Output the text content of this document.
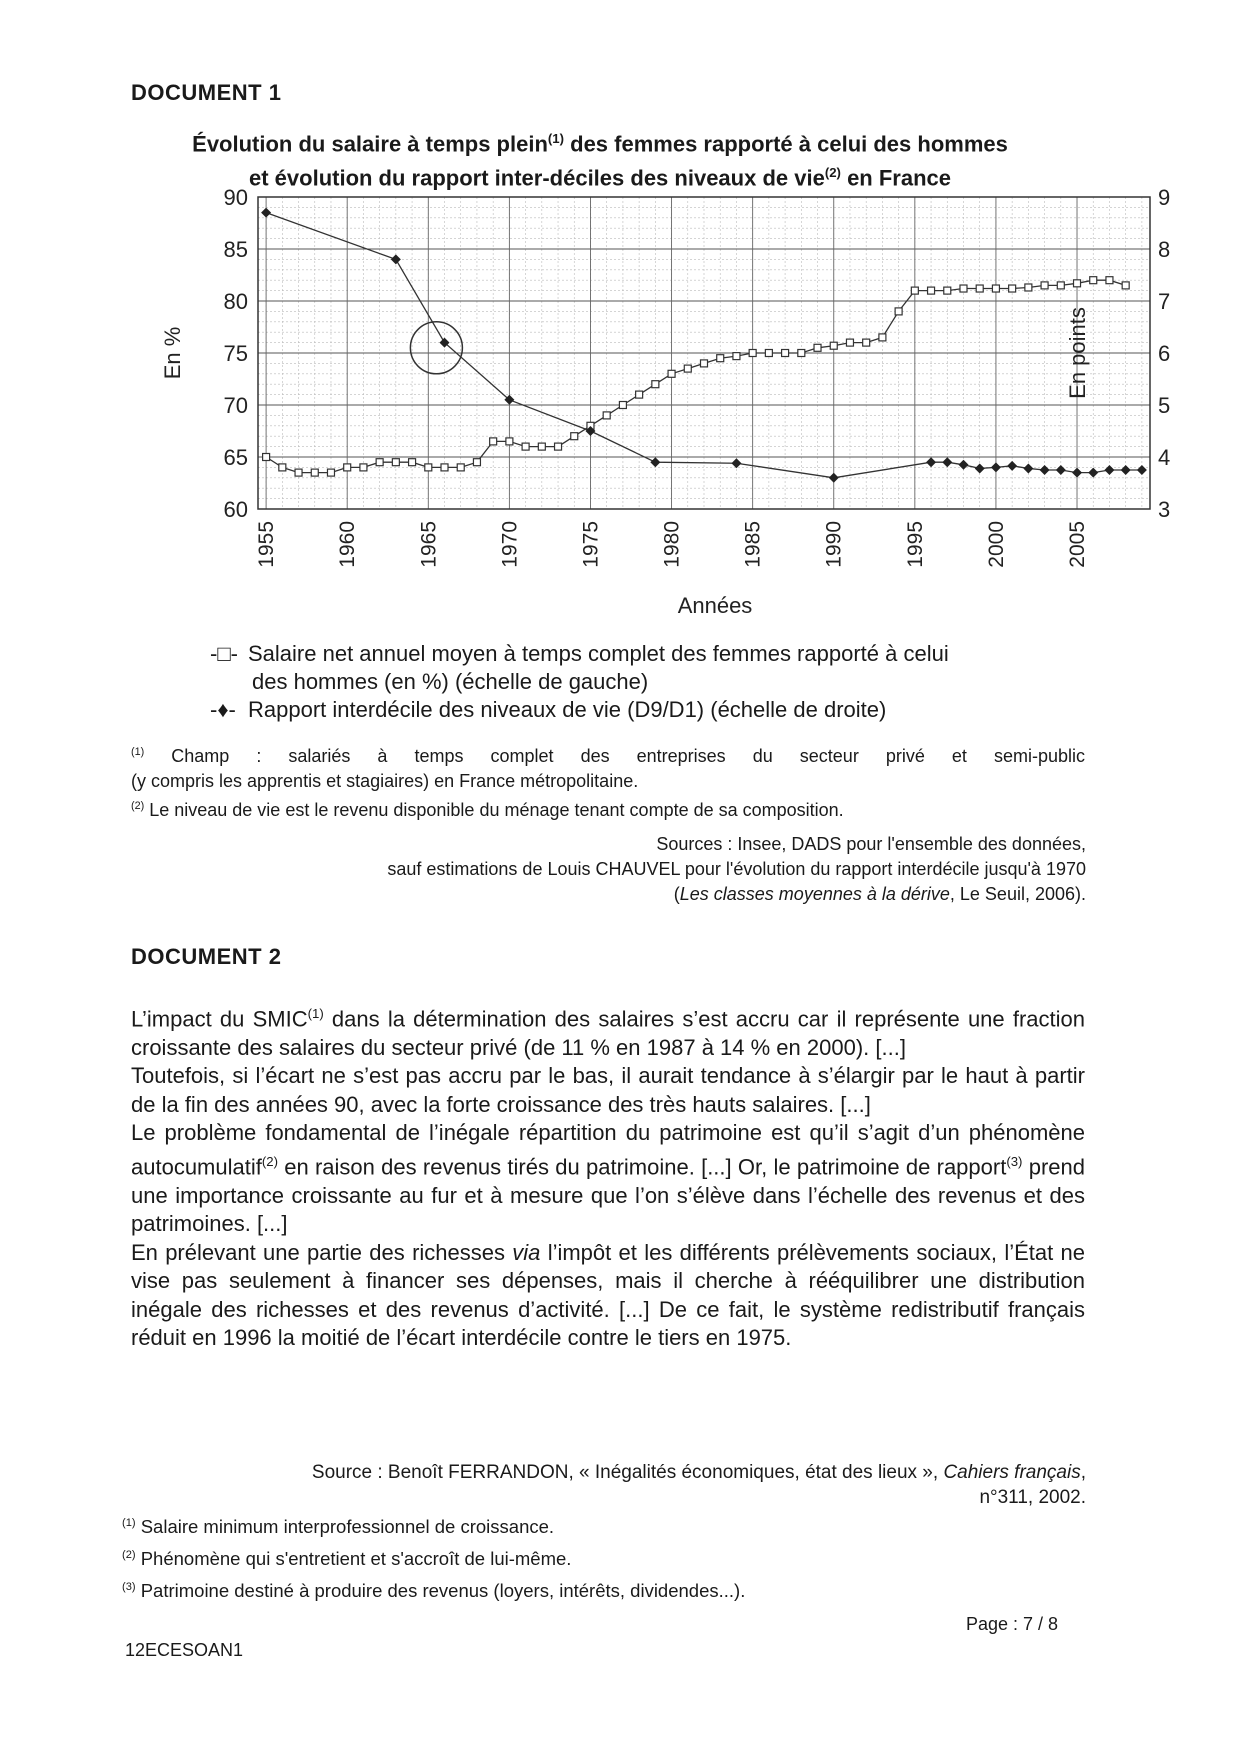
DOCUMENT 1
Évolution du salaire à temps plein$^{(1)}$ des femmes rapporté à celui des hommes
et évolution du rapport inter-déciles des niveaux de vie$^{(2)}$ en France
60
65
70
75
80
85
90
3
4
5
6
7
8
9
1955	1960	1965	1970	1975	1980	1985	1990	1995	2000	2005
En %	En points
Années
-□- Salaire net annuel moyen à temps complet des femmes rapporté à celui
des hommes (en %) (échelle de gauche)
-♦- Rapport interdécile des niveaux de vie (D9/D1) (échelle de droite)
$^{(1)}$ Champ : salariés à temps complet des entreprises du secteur privé et semi-public
(y compris les apprentis et stagiaires) en France métropolitaine.
$^{(2)}$ Le niveau de vie est le revenu disponible du ménage tenant compte de sa composition.
Sources : Insee, DADS pour l'ensemble des données,
sauf estimations de Louis CHAUVEL pour l'évolution du rapport interdécile jusqu'à 1970
(Les classes moyennes à la dérive, Le Seuil, 2006).
DOCUMENT 2

L’impact du SMIC$^{(1)}$ dans la détermination des salaires s’est accru car il représente une fraction croissante des salaires du secteur privé (de 11 % en 1987 à 14 % en 2000). [...]

Toutefois, si l’écart ne s’est pas accru par le bas, il aurait tendance à s’élargir par le haut à partir de la fin des années 90, avec la forte croissance des très hauts salaires. [...]

Le problème fondamental de l’inégale répartition du patrimoine est qu’il s’agit d’un phénomène autocumulatif$^{(2)}$ en raison des revenus tirés du patrimoine. [...] Or, le patrimoine de rapport$^{(3)}$ prend une importance croissante au fur et à mesure que l’on s’élève dans l’échelle des revenus et des patrimoines. [...]

En prélevant une partie des richesses via l’impôt et les différents prélèvements sociaux, l’État ne vise pas seulement à financer ses dépenses, mais il cherche à rééquilibrer une distribution inégale des richesses et des revenus d’activité. [...] De ce fait, le système redistributif français réduit en 1996 la moitié de l’écart interdécile contre le tiers en 1975.

Source : Benoît FERRANDON, « Inégalités économiques, état des lieux », Cahiers français,
n°311, 2002.
$^{(1)}$ Salaire minimum interprofessionnel de croissance.
$^{(2)}$ Phénomène qui s'entretient et s'accroît de lui-même.
$^{(3)}$ Patrimoine destiné à produire des revenus (loyers, intérêts, dividendes...).
Page : 7 / 8
12ECESOAN1
